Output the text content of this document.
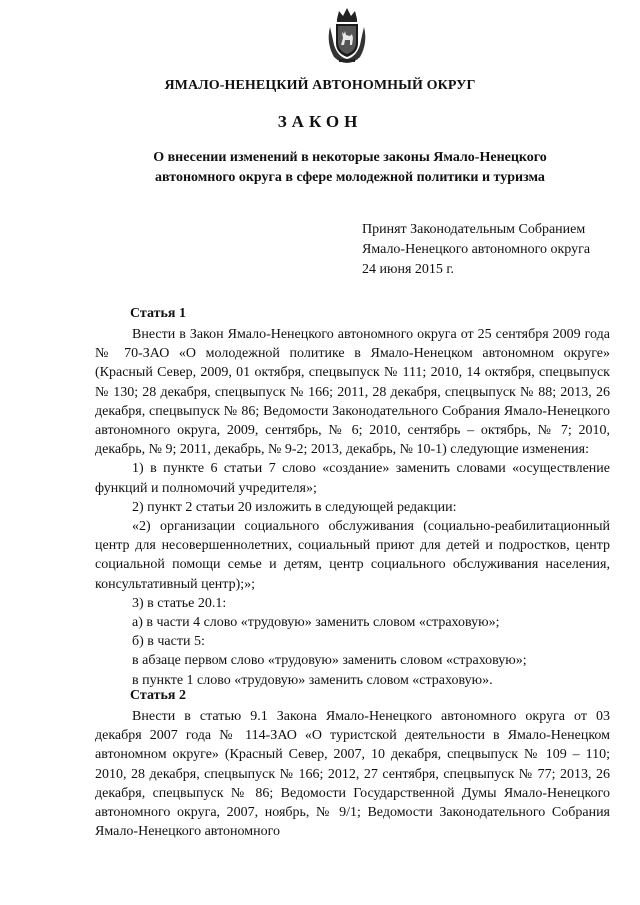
ЯМАЛО-НЕНЕЦКИЙ АВТОНОМНЫЙ ОКРУГ
ЗАКОН
О внесении изменений в некоторые законы Ямало-Ненецкого
автономного округа в сфере молодежной политики и туризма
Принят Законодательным Собранием
Ямало-Ненецкого автономного округа
24 июня 2015 г.
Статья 1

Внести в Закон Ямало-Ненецкого автономного округа от 25 сентября 2009 года № 70-ЗАО «О молодежной политике в Ямало-Ненецком автономном округе» (Красный Север, 2009, 01 октября, спецвыпуск № 111; 2010, 14 октября, спецвыпуск № 130; 28 декабря, спецвыпуск № 166; 2011, 28 декабря, спецвыпуск № 88; 2013, 26 декабря, спецвыпуск № 86; Ведомости Законодательного Собрания Ямало-Ненецкого автономного округа, 2009, сентябрь, № 6; 2010, сентябрь – октябрь, № 7; 2010, декабрь, № 9; 2011, декабрь, № 9-2; 2013, декабрь, № 10-1) следующие изменения:

1) в пункте 6 статьи 7 слово «создание» заменить словами «осуществление функций и полномочий учредителя»;

2) пункт 2 статьи 20 изложить в следующей редакции:

«2) организации социального обслуживания (социально-реабилитационный центр для несовершеннолетних, социальный приют для детей и подростков, центр социальной помощи семье и детям, центр социального обслуживания населения, консультативный центр);»;

3) в статье 20.1:

а) в части 4 слово «трудовую» заменить словом «страховую»;

б) в части 5:

в абзаце первом слово «трудовую» заменить словом «страховую»;

в пункте 1 слово «трудовую» заменить словом «страховую».

Статья 2

Внести в статью 9.1 Закона Ямало-Ненецкого автономного округа от 03 декабря 2007 года № 114-ЗАО «О туристской деятельности в Ямало-Ненецком автономном округе» (Красный Север, 2007, 10 декабря, спецвыпуск № 109 – 110; 2010, 28 декабря, спецвыпуск № 166; 2012, 27 сентября, спецвыпуск № 77; 2013, 26 декабря, спецвыпуск № 86; Ведомости Государственной Думы Ямало-Ненецкого автономного округа, 2007, ноябрь, № 9/1; Ведомости Законодательного Собрания Ямало-Ненецкого автономного
